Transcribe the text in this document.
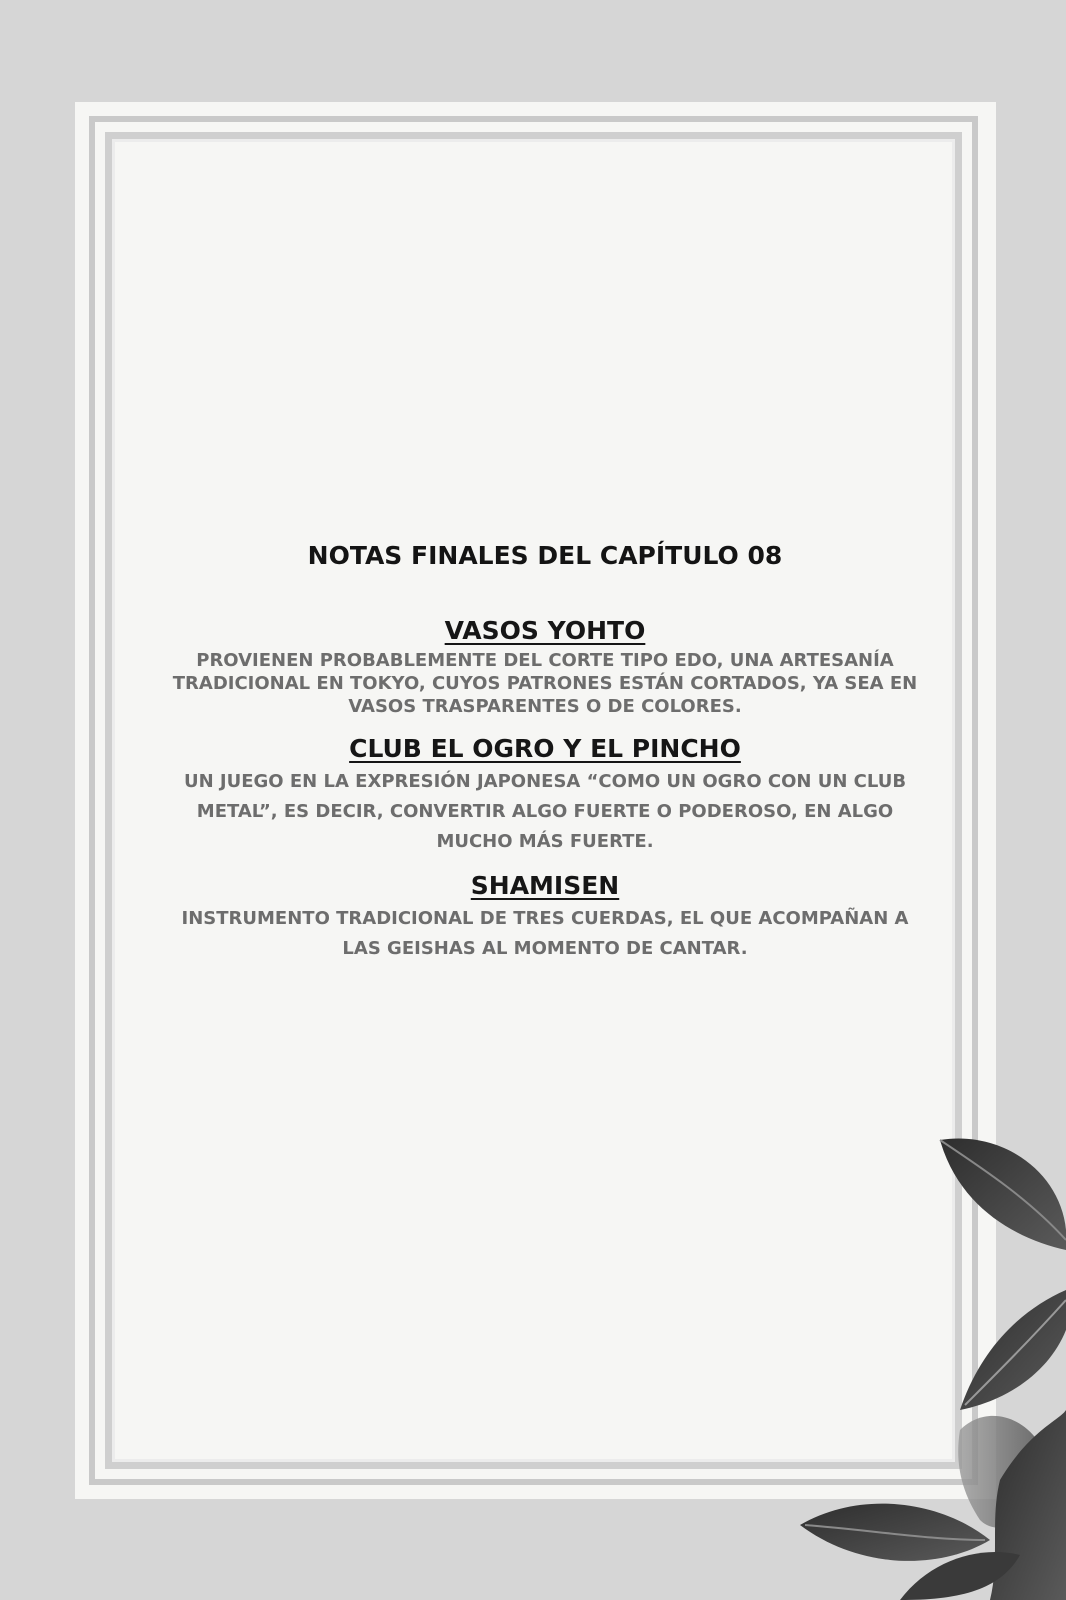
NOTAS FINALES DEL CAPÍTULO 08
VASOS YOHTO
PROVIENEN PROBABLEMENTE DEL CORTE TIPO EDO, UNA ARTESANÍA TRADICIONAL EN TOKYO, CUYOS PATRONES ESTÁN CORTADOS, YA SEA EN VASOS TRASPARENTES O DE COLORES.
CLUB EL OGRO Y EL PINCHO
UN JUEGO EN LA EXPRESIÓN JAPONESA “COMO UN OGRO CON UN CLUB METAL”, ES DECIR, CONVERTIR ALGO FUERTE O PODEROSO, EN ALGO MUCHO MÁS FUERTE.
SHAMISEN
INSTRUMENTO TRADICIONAL DE TRES CUERDAS, EL QUE ACOMPAÑAN A LAS GEISHAS AL MOMENTO DE CANTAR.
